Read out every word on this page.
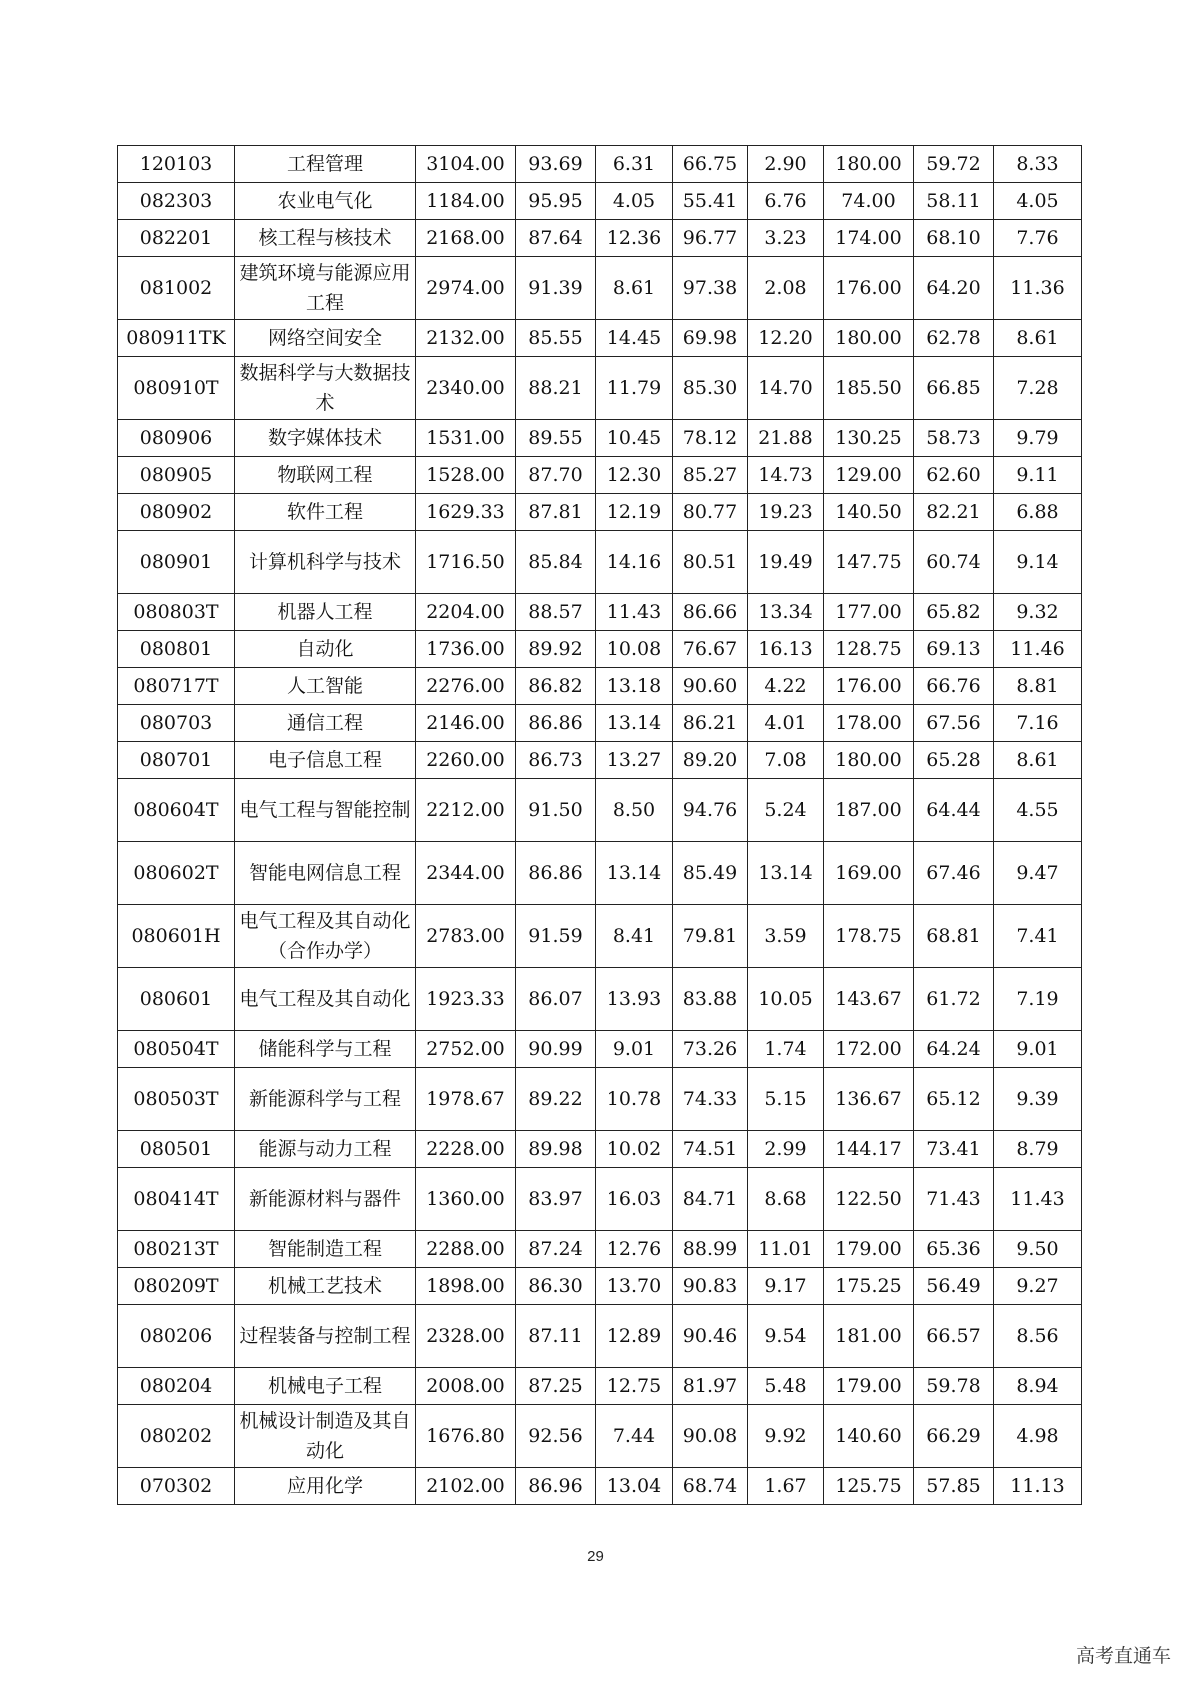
120103	工程管理	3104.00	93.69	6.31	66.75	2.90	180.00	59.72	8.33
082303	农业电气化	1184.00	95.95	4.05	55.41	6.76	74.00	58.11	4.05
082201	核工程与核技术	2168.00	87.64	12.36	96.77	3.23	174.00	68.10	7.76
081002	建筑环境与能源应用工程	2974.00	91.39	8.61	97.38	2.08	176.00	64.20	11.36
080911TK	网络空间安全	2132.00	85.55	14.45	69.98	12.20	180.00	62.78	8.61
080910T	数据科学与大数据技术	2340.00	88.21	11.79	85.30	14.70	185.50	66.85	7.28
080906	数字媒体技术	1531.00	89.55	10.45	78.12	21.88	130.25	58.73	9.79
080905	物联网工程	1528.00	87.70	12.30	85.27	14.73	129.00	62.60	9.11
080902	软件工程	1629.33	87.81	12.19	80.77	19.23	140.50	82.21	6.88
080901	计算机科学与技术	1716.50	85.84	14.16	80.51	19.49	147.75	60.74	9.14
080803T	机器人工程	2204.00	88.57	11.43	86.66	13.34	177.00	65.82	9.32
080801	自动化	1736.00	89.92	10.08	76.67	16.13	128.75	69.13	11.46
080717T	人工智能	2276.00	86.82	13.18	90.60	4.22	176.00	66.76	8.81
080703	通信工程	2146.00	86.86	13.14	86.21	4.01	178.00	67.56	7.16
080701	电子信息工程	2260.00	86.73	13.27	89.20	7.08	180.00	65.28	8.61
080604T	电气工程与智能控制	2212.00	91.50	8.50	94.76	5.24	187.00	64.44	4.55
080602T	智能电网信息工程	2344.00	86.86	13.14	85.49	13.14	169.00	67.46	9.47
080601H	电气工程及其自动化（合作办学）	2783.00	91.59	8.41	79.81	3.59	178.75	68.81	7.41
080601	电气工程及其自动化	1923.33	86.07	13.93	83.88	10.05	143.67	61.72	7.19
080504T	储能科学与工程	2752.00	90.99	9.01	73.26	1.74	172.00	64.24	9.01
080503T	新能源科学与工程	1978.67	89.22	10.78	74.33	5.15	136.67	65.12	9.39
080501	能源与动力工程	2228.00	89.98	10.02	74.51	2.99	144.17	73.41	8.79
080414T	新能源材料与器件	1360.00	83.97	16.03	84.71	8.68	122.50	71.43	11.43
080213T	智能制造工程	2288.00	87.24	12.76	88.99	11.01	179.00	65.36	9.50
080209T	机械工艺技术	1898.00	86.30	13.70	90.83	9.17	175.25	56.49	9.27
080206	过程装备与控制工程	2328.00	87.11	12.89	90.46	9.54	181.00	66.57	8.56
080204	机械电子工程	2008.00	87.25	12.75	81.97	5.48	179.00	59.78	8.94
080202	机械设计制造及其自动化	1676.80	92.56	7.44	90.08	9.92	140.60	66.29	4.98
070302	应用化学	2102.00	86.96	13.04	68.74	1.67	125.75	57.85	11.13
29
高考直通车
